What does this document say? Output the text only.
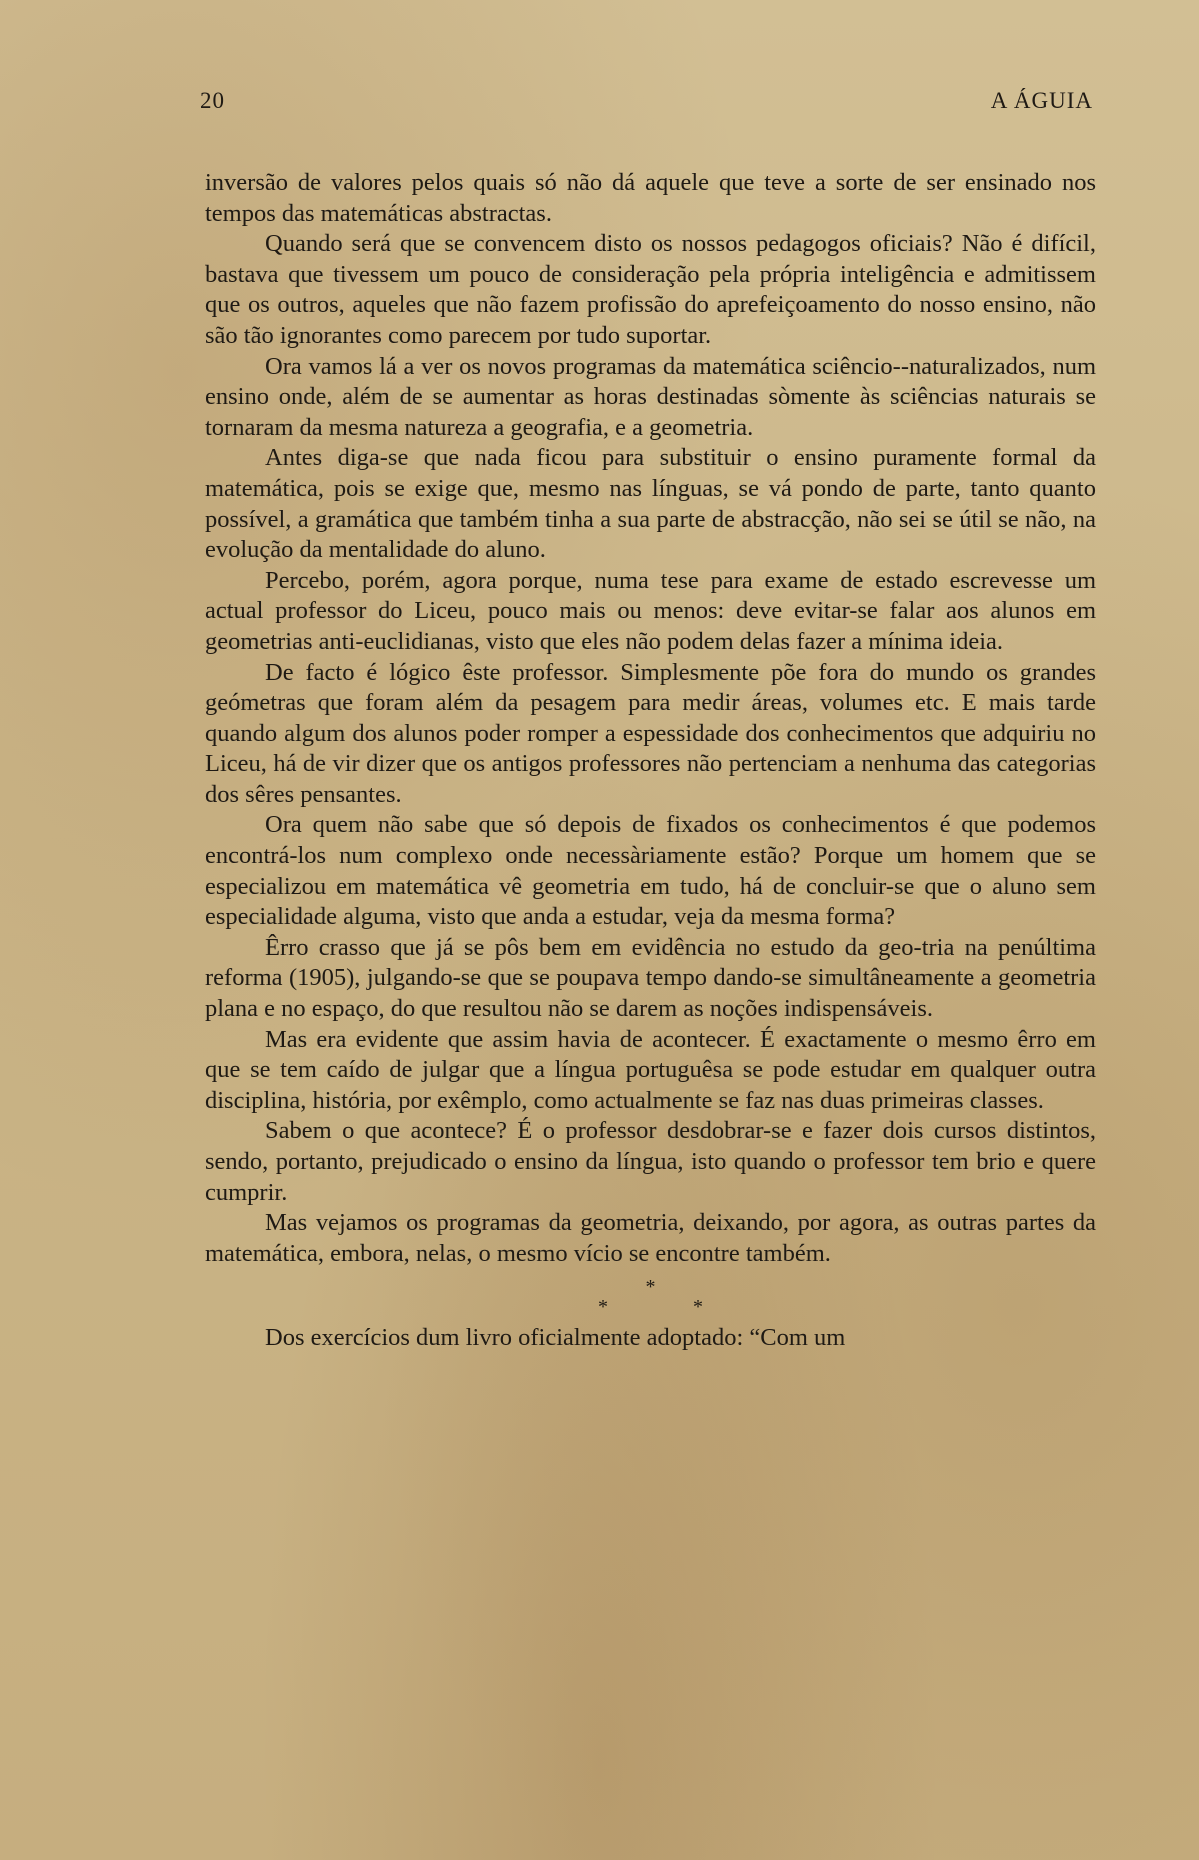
20	A ÁGUIA

inversão de valores pelos quais só não dá aquele que teve a sorte de ser ensinado nos tempos das matemáticas abstractas.

Quando será que se convencem disto os nossos pedagogos oficiais? Não é difícil, bastava que tivessem um pouco de consideração pela própria inteligência e admitissem que os outros, aqueles que não fazem profissão do aprefeiçoamento do nosso ensino, não são tão ignorantes como parecem por tudo suportar.

Ora vamos lá a ver os novos programas da matemática sciêncio--naturalizados, num ensino onde, além de se aumentar as horas destinadas sòmente às sciências naturais se tornaram da mesma natureza a geografia, e a geometria.

Antes diga-se que nada ficou para substituir o ensino puramente formal da matemática, pois se exige que, mesmo nas línguas, se vá pondo de parte, tanto quanto possível, a gramática que também tinha a sua parte de abstracção, não sei se útil se não, na evolução da mentalidade do aluno.

Percebo, porém, agora porque, numa tese para exame de estado escrevesse um actual professor do Liceu, pouco mais ou menos: deve evitar-se falar aos alunos em geometrias anti-euclidianas, visto que eles não podem delas fazer a mínima ideia.

De facto é lógico êste professor. Simplesmente põe fora do mundo os grandes geómetras que foram além da pesagem para medir áreas, volumes etc. E mais tarde quando algum dos alunos poder romper a espessidade dos conhecimentos que adquiriu no Liceu, há de vir dizer que os antigos professores não pertenciam a nenhuma das categorias dos sêres pensantes.

Ora quem não sabe que só depois de fixados os conhecimentos é que podemos encontrá-los num complexo onde necessàriamente estão? Porque um homem que se especializou em matemática vê geometria em tudo, há de concluir-se que o aluno sem especialidade alguma, visto que anda a estudar, veja da mesma forma?

Êrro crasso que já se pôs bem em evidência no estudo da geo-tria na penúltima reforma (1905), julgando-se que se poupava tempo dando-se simultâneamente a geometria plana e no espaço, do que resultou não se darem as noções indispensáveis.

Mas era evidente que assim havia de acontecer. É exactamente o mesmo êrro em que se tem caído de julgar que a língua portuguêsa se pode estudar em qualquer outra disciplina, história, por exêmplo, como actualmente se faz nas duas primeiras classes.

Sabem o que acontece? É o professor desdobrar-se e fazer dois cursos distintos, sendo, portanto, prejudicado o ensino da língua, isto quando o professor tem brio e quere cumprir.

Mas vejamos os programas da geometria, deixando, por agora, as outras partes da matemática, embora, nelas, o mesmo vício se encontre também.

*
* *

Dos exercícios dum livro oficialmente adoptado: “Com um
